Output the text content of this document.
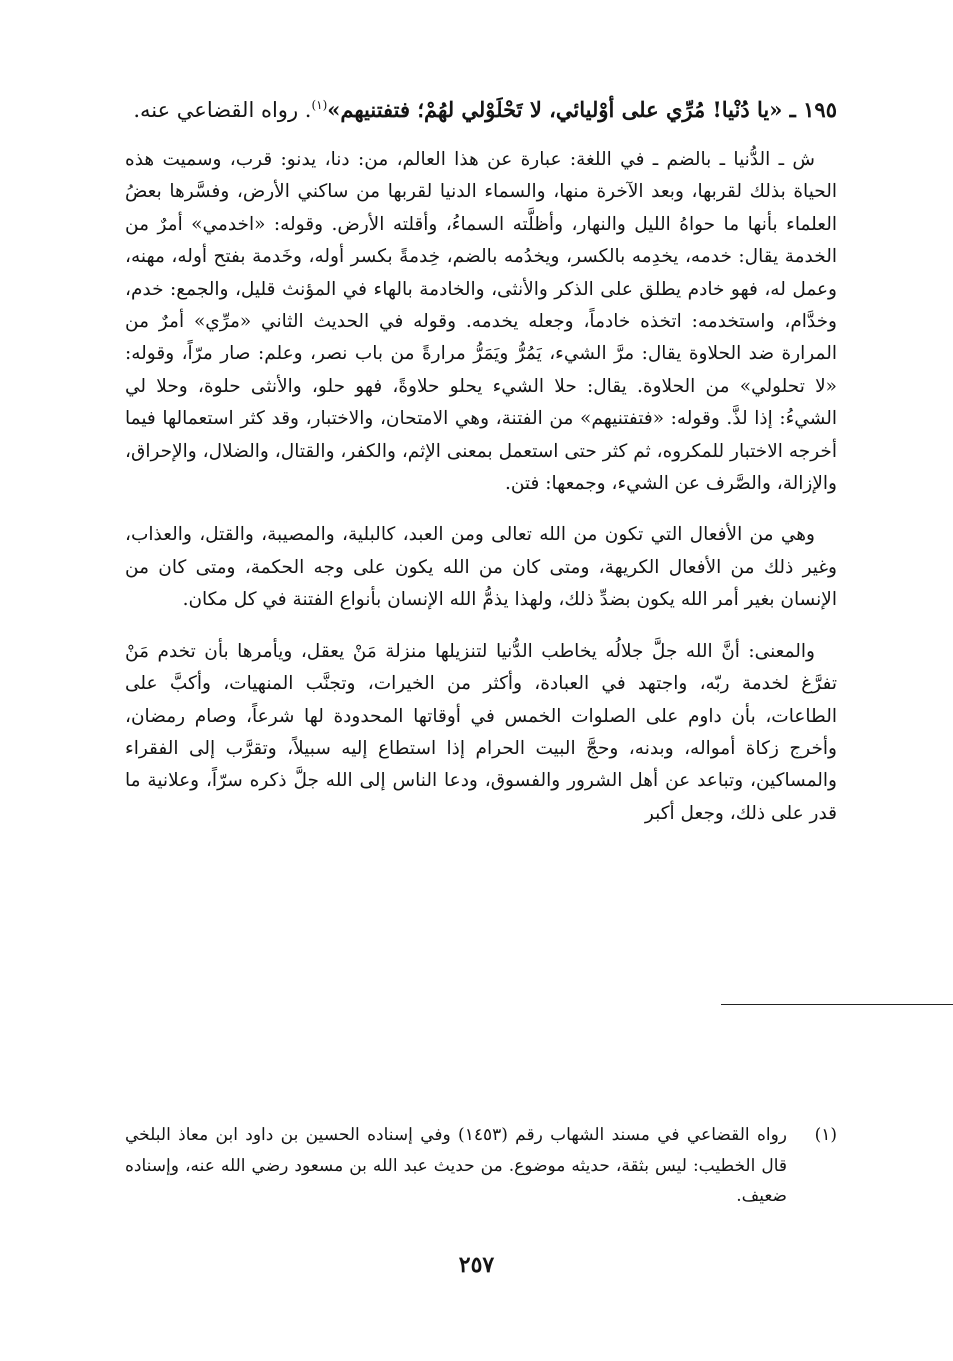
١٩٥ ـ «يا دُنْيا! مُرِّي على أوْليائي، لا تَحْلَوْلي لهُمْ؛ فتفتنيهم»$^{(١)}$. رواه القضاعي عنه.

ش ـ الدُّنيا ـ بالضم ـ في اللغة: عبارة عن هذا العالم، من: دنا، يدنو: قرب، وسميت هذه الحياة بذلك لقربها، وبعد الآخرة منها، والسماء الدنيا لقربها من ساكني الأرض، وفسَّرها بعضُ العلماء بأنها ما حواهُ الليل والنهار، وأظلَّته السماءُ، وأقلته الأرض. وقوله: «اخدمي» أمرٌ من الخدمة يقال: خدمه، يخدِمه بالكسر، ويخدُمه بالضم، خِدمةً بكسر أوله، وخَدمة بفتح أوله، مهنه، وعمل له، فهو خادم يطلق على الذكر والأنثى، والخادمة بالهاء في المؤنث قليل، والجمع: خدم، وخدَّام، واستخدمه: اتخذه خادماً، وجعله يخدمه. وقوله في الحديث الثاني «مرِّي» أمرٌ من المرارة ضد الحلاوة يقال: مرَّ الشيء، يَمُرُّ ويَمَرُّ مرارةً من باب نصر، وعلم: صار مرّاً، وقوله: «لا تحلولي» من الحلاوة. يقال: حلا الشيء يحلو حلاوةً، فهو حلو، والأنثى حلوة، وحلا لي الشيءُ: إذا لذَّ. وقوله: «فتفتنيهم» من الفتنة، وهي الامتحان، والاختبار، وقد كثر استعمالها فيما أخرجه الاختبار للمكروه، ثم كثر حتى استعمل بمعنى الإثم، والكفر، والقتال، والضلال، والإحراق، والإزالة، والصَّرف عن الشيء، وجمعها: فتن.

وهي من الأفعال التي تكون من الله تعالى ومن العبد، كالبلية، والمصيبة، والقتل، والعذاب، وغير ذلك من الأفعال الكريهة، ومتى كان من الله يكون على وجه الحكمة، ومتى كان من الإنسان بغير أمر الله يكون بضدِّ ذلك، ولهذا يذمُّ الله الإنسان بأنواع الفتنة في كل مكان.

والمعنى: أنَّ الله جلَّ جلالُه يخاطب الدُّنيا لتنزيلها منزلة مَنْ يعقل، ويأمرها بأن تخدم مَنْ تفرَّغ لخدمة ربّه، واجتهد في العبادة، وأكثر من الخيرات، وتجنَّب المنهيات، وأكبَّ على الطاعات، بأن داوم على الصلوات الخمس في أوقاتها المحدودة لها شرعاً، وصام رمضان، وأخرج زكاة أمواله، وبدنه، وحجَّ البيت الحرام إذا استطاع إليه سبيلاً، وتقرَّب إلى الفقراء والمساكين، وتباعد عن أهل الشرور والفسوق، ودعا الناس إلى الله جلَّ ذكره سرّاً، وعلانية ما قدر على ذلك، وجعل أكبر

(١)
رواه القضاعي في مسند الشهاب رقم (١٤٥٣) وفي إسناده الحسين بن داود ابن معاذ البلخي قال الخطيب: ليس بثقة، حديثه موضوع. من حديث عبد الله بن مسعود رضي الله عنه، وإسناده ضعيف.
٢٥٧
